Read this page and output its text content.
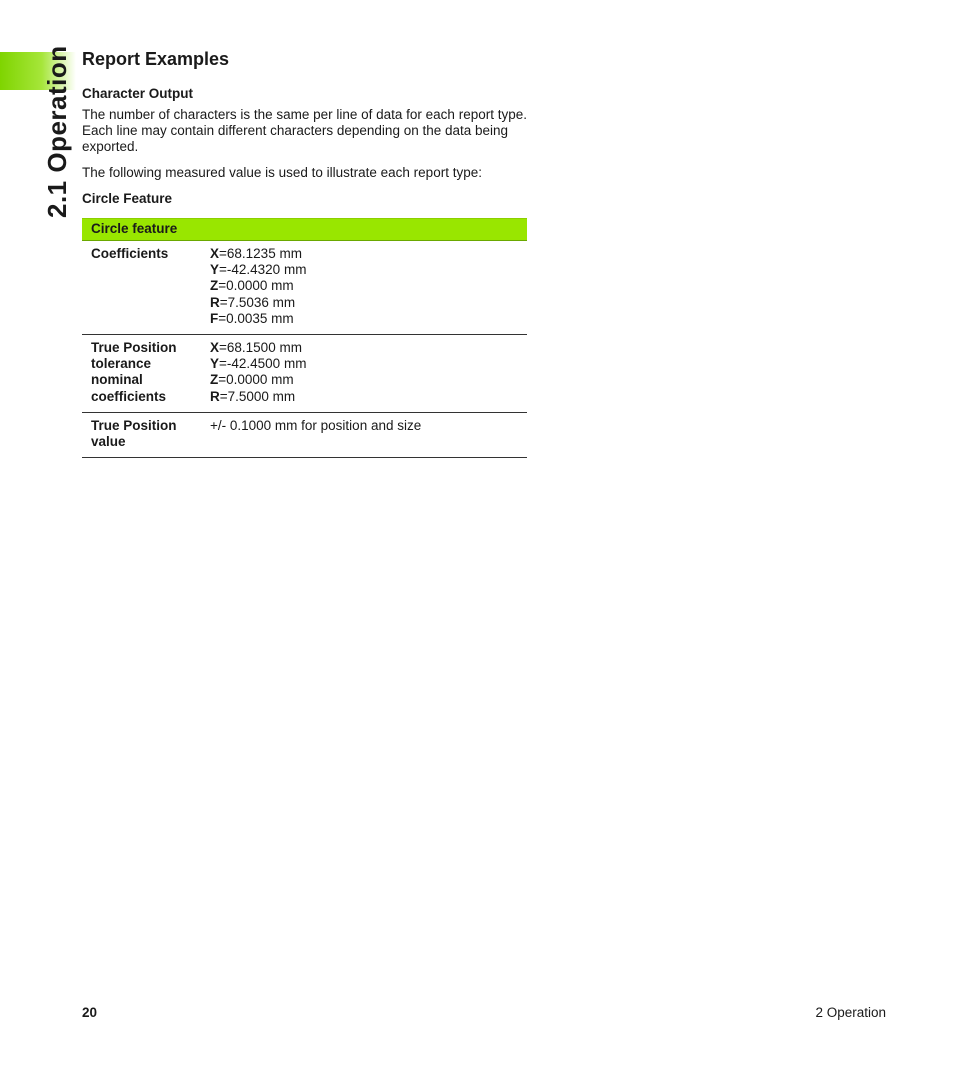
2.1 Operation Report Examples
Character Output

The number of characters is the same per line of data for each report type. Each line may contain different characters depending on the data being exported.

The following measured value is used to illustrate each report type:

Circle Feature
Circle feature	
Coefficients	X=68.1235 mm
Y=-42.4320 mm
Z=0.0000 mm
R=7.5036 mm
F=0.0035 mm

True Position tolerance nominal coefficients	X=68.1500 mm
Y=-42.4500 mm
Z=0.0000 mm
R=7.5000 mm

True Position value	+/- 0.1000 mm for position and size
20	2 Operation
